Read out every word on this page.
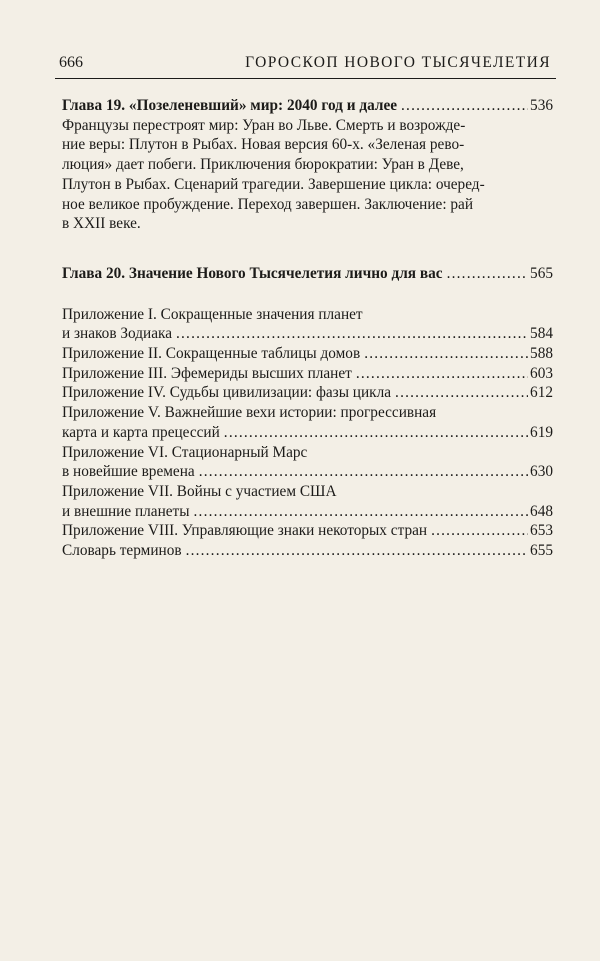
666	ГОРОСКОП НОВОГО ТЫСЯЧЕЛЕТИЯ
Глава 19. «Позеленевший» мир: 2040 год и далее .....	536
Французы перестроят мир: Уран во Льве. Смерть и возрожде-
ние веры: Плутон в Рыбах. Новая версия 60-х. «Зеленая рево-
люция» дает побеги. Приключения бюрократии: Уран в Деве,
Плутон в Рыбах. Сценарий трагедии. Завершение цикла: очеред-
ное великое пробуждение. Переход завершен. Заключение: рай
в XXII веке.
Глава 20. Значение Нового Тысячелетия лично для вас .....	565
Приложение I. Сокращенные значения планет
и знаков Зодиака .....	584
Приложение II. Сокращенные таблицы домов .....	588
Приложение III. Эфемериды высших планет .....	603
Приложение IV. Судьбы цивилизации: фазы цикла .....	612
Приложение V. Важнейшие вехи истории: прогрессивная
карта и карта прецессий .....	619
Приложение VI. Стационарный Марс
в новейшие времена .....	630
Приложение VII. Войны с участием США
и внешние планеты .....	648
Приложение VIII. Управляющие знаки некоторых стран .....	653
Словарь терминов .....	655
